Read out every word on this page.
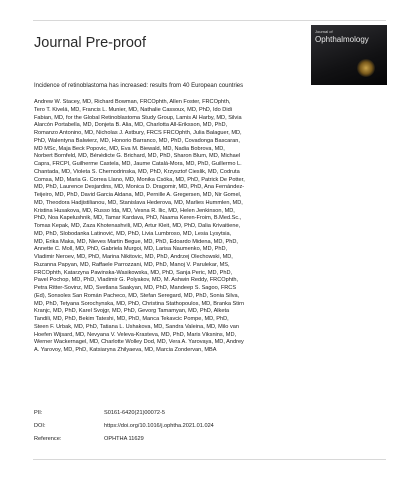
Journal Pre-proof
Journal of
Ophthalmology
Incidence of retinoblastoma has increased: results from 40 European countries
Andrew W. Stacey, MD, Richard Bowman, FRCOphth, Allen Foster, FRCOphth,
Tero T. Kivelä, MD, Francis L. Munier, MD, Nathalie Cassoux, MD, PhD, Ido Didi
Fabian, MD, for the Global Retinoblastoma Study Group, Lamis Al Harby, MD, Silvia
Alarcón Portabella, MD, Donjeta B. Alia, MD, Charlotta All-Eriksson, MD, PhD,
Romanzo Antonino, MD, Nicholas J. Astbury, FRCS FRCOphth, Julia Balaguer, MD,
PhD, Walentyna Balwierz, MD, Honorio Barranco, MD, PhD, Covadonga Bascaran,
MD MSc, Maja Beck Popovic, MD, Eva M. Biewald, MD, Nadia Bobrova, MD,
Norbert Bornfeld, MD, Bénédicte G. Brichard, MD, PhD, Sharon Blum, MD, Michael
Capra, FRCPI, Guilherme Castela, MD, Jaume Catalá-Mora, MD, PhD, Guillermo L.
Chantada, MD, Violeta S. Chernodrinska, MD, PhD, Krzysztof Cieslik, MD, Codruta
Comsa, MD, Maria G. Correa Llano, MD, Monika Csóka, MD, PhD, Patrick De Potter,
MD, PhD, Laurence Desjardins, MD, Monica D. Dragomir, MD, PhD, Ana Fernández-
Teijeiro, MD, PhD, David Garcia Aldana, MD, Pernille A. Gregersen, MD, Nir Gomel,
MD, Theodora Hadjistilianou, MD, Stanislava Hederova, MD, Marlies Hummlen, MD,
Kristina Husakova, MD, Russo Ida, MD, Vesna R. Ilic, MD, Helen Jenkinson, MD,
PhD, Noa Kapelushnik, MD, Tamar Kardava, PhD, Naama Keren-Froim, B.Med.Sc.,
Tomas Kepak, MD, Zaza Khotenashvili, MD, Artur Kleit, MD, PhD, Dalia Krivaitiene,
MD, PhD, Slobodanka Latinović, MD, PhD, Livia Lumbroso, MD, Lesia Lysytsia,
MD, Erika Maka, MD, Nieves Martin Begue, MD, PhD, Edoardo Midena, MD, PhD,
Annette C. Moll, MD, PhD, Gabriela Murgoi, MD, Larisa Naumenko, MD, PhD,
Vladimir Neroev, MD, PhD, Marina Nikitovic, MD, PhD, Andrzej Olechowski, MD,
Ruzanna Papyan, MD, Raffaele Parrozzani, MD, PhD, Manoj V. Parulekar, MS,
FRCOphth, Katarzyna Pawinska-Wasikowska, MD, PhD, Sanja Peric, MD, PhD,
Pavel Pochop, MD, PhD, Vladimir G. Polyakov, MD, M. Ashwin Reddy, FRCOphth,
Petra Ritter-Sovinz, MD, Svetlana Saakyan, MD, PhD, Mandeep S. Sagoo, FRCS
(Ed), Sonsoles San Román Pacheco, MD, Stefan Seregard, MD, PhD, Sonia Silva,
MD, PhD, Tetyana Sorochynska, MD, PhD, Christina Stathopoulos, MD, Branka Stirn
Kranjc, MD, PhD, Karel Svojgr, MD, PhD, Gevorg Tamamyan, MD, PhD, Alketa
Tandili, MD, PhD, Bekim Tateshi, MD, PhD, Manca Tekavcic Pompe, MD, PhD,
Steen F. Urbak, MD, PhD, Tatiana L. Ushakova, MD, Sandra Valeina, MD, Milo van
Hoefen Wijsard, MD, Nevyana V. Veleva-Krasteva, MD, PhD, Maris Viksnins, MD,
Werner Wackernagel, MD, Charlotte Wolley Dod, MD, Vera A. Yarovaya, MD, Andrey
A. Yarovoy, MD, PhD, Katsiaryna Zhilyaeva, MD, Marcia Zondervan, MBA
PII:	S0161-6420(21)00072-5
DOI:	https://doi.org/10.1016/j.ophtha.2021.01.024
Reference:	OPHTHA 11629
